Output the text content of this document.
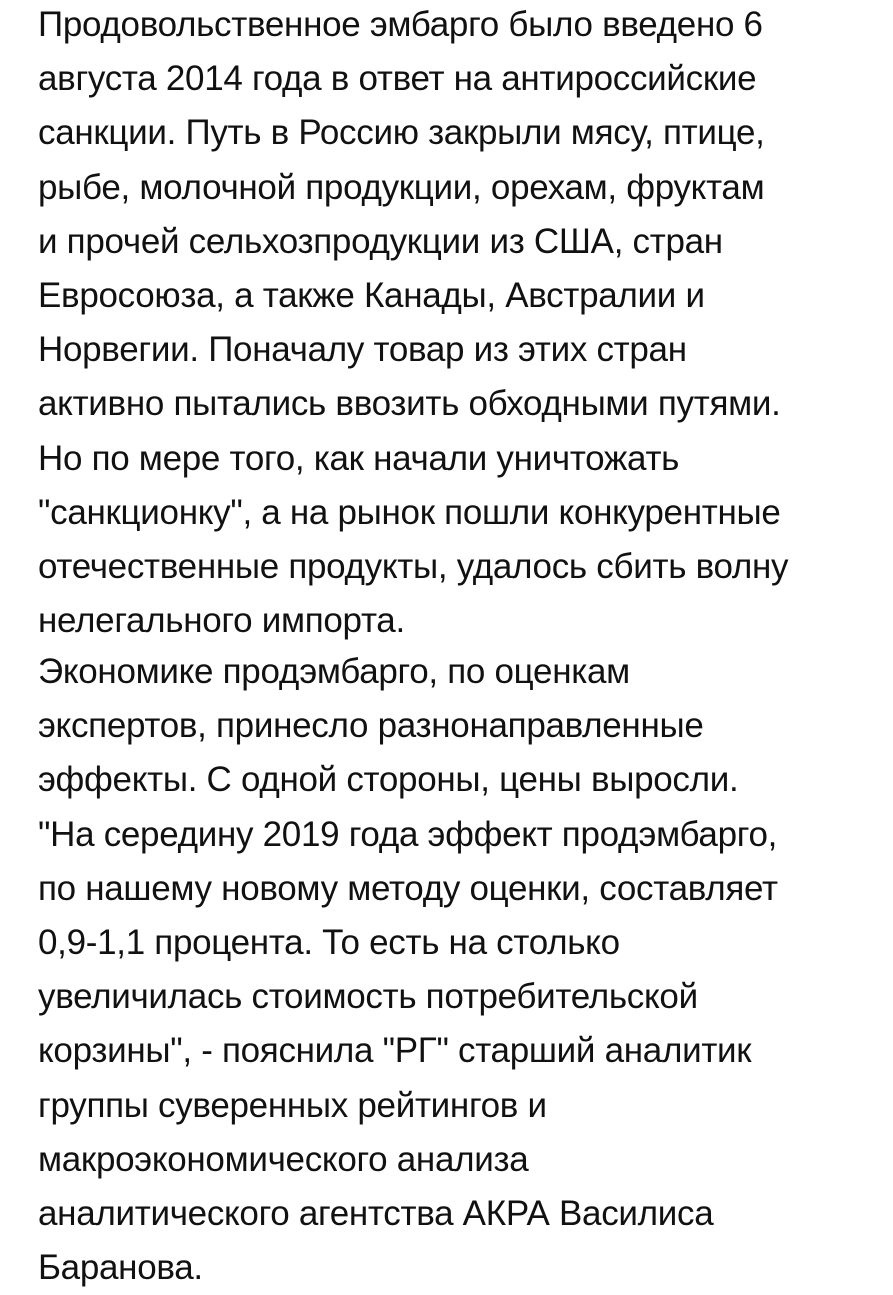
Продовольственное эмбарго было введено 6
августа 2014 года в ответ на антироссийские
санкции. Путь в Россию закрыли мясу, птице,
рыбе, молочной продукции, орехам, фруктам
и прочей сельхозпродукции из США, стран
Евросоюза, а также Канады, Австралии и
Норвегии. Поначалу товар из этих стран
активно пытались ввозить обходными путями.
Но по мере того, как начали уничтожать
"санкционку", а на рынок пошли конкурентные
отечественные продукты, удалось сбить волну
нелегального импорта.

Экономике продэмбарго, по оценкам
экспертов, принесло разнонаправленные
эффекты. С одной стороны, цены выросли.
"На середину 2019 года эффект продэмбарго,
по нашему новому методу оценки, составляет
0,9-1,1 процента. То есть на столько
увеличилась стоимость потребительской
корзины", - пояснила "РГ" старший аналитик
группы суверенных рейтингов и
макроэкономического анализа
аналитического агентства АКРА Василиса
Баранова.
